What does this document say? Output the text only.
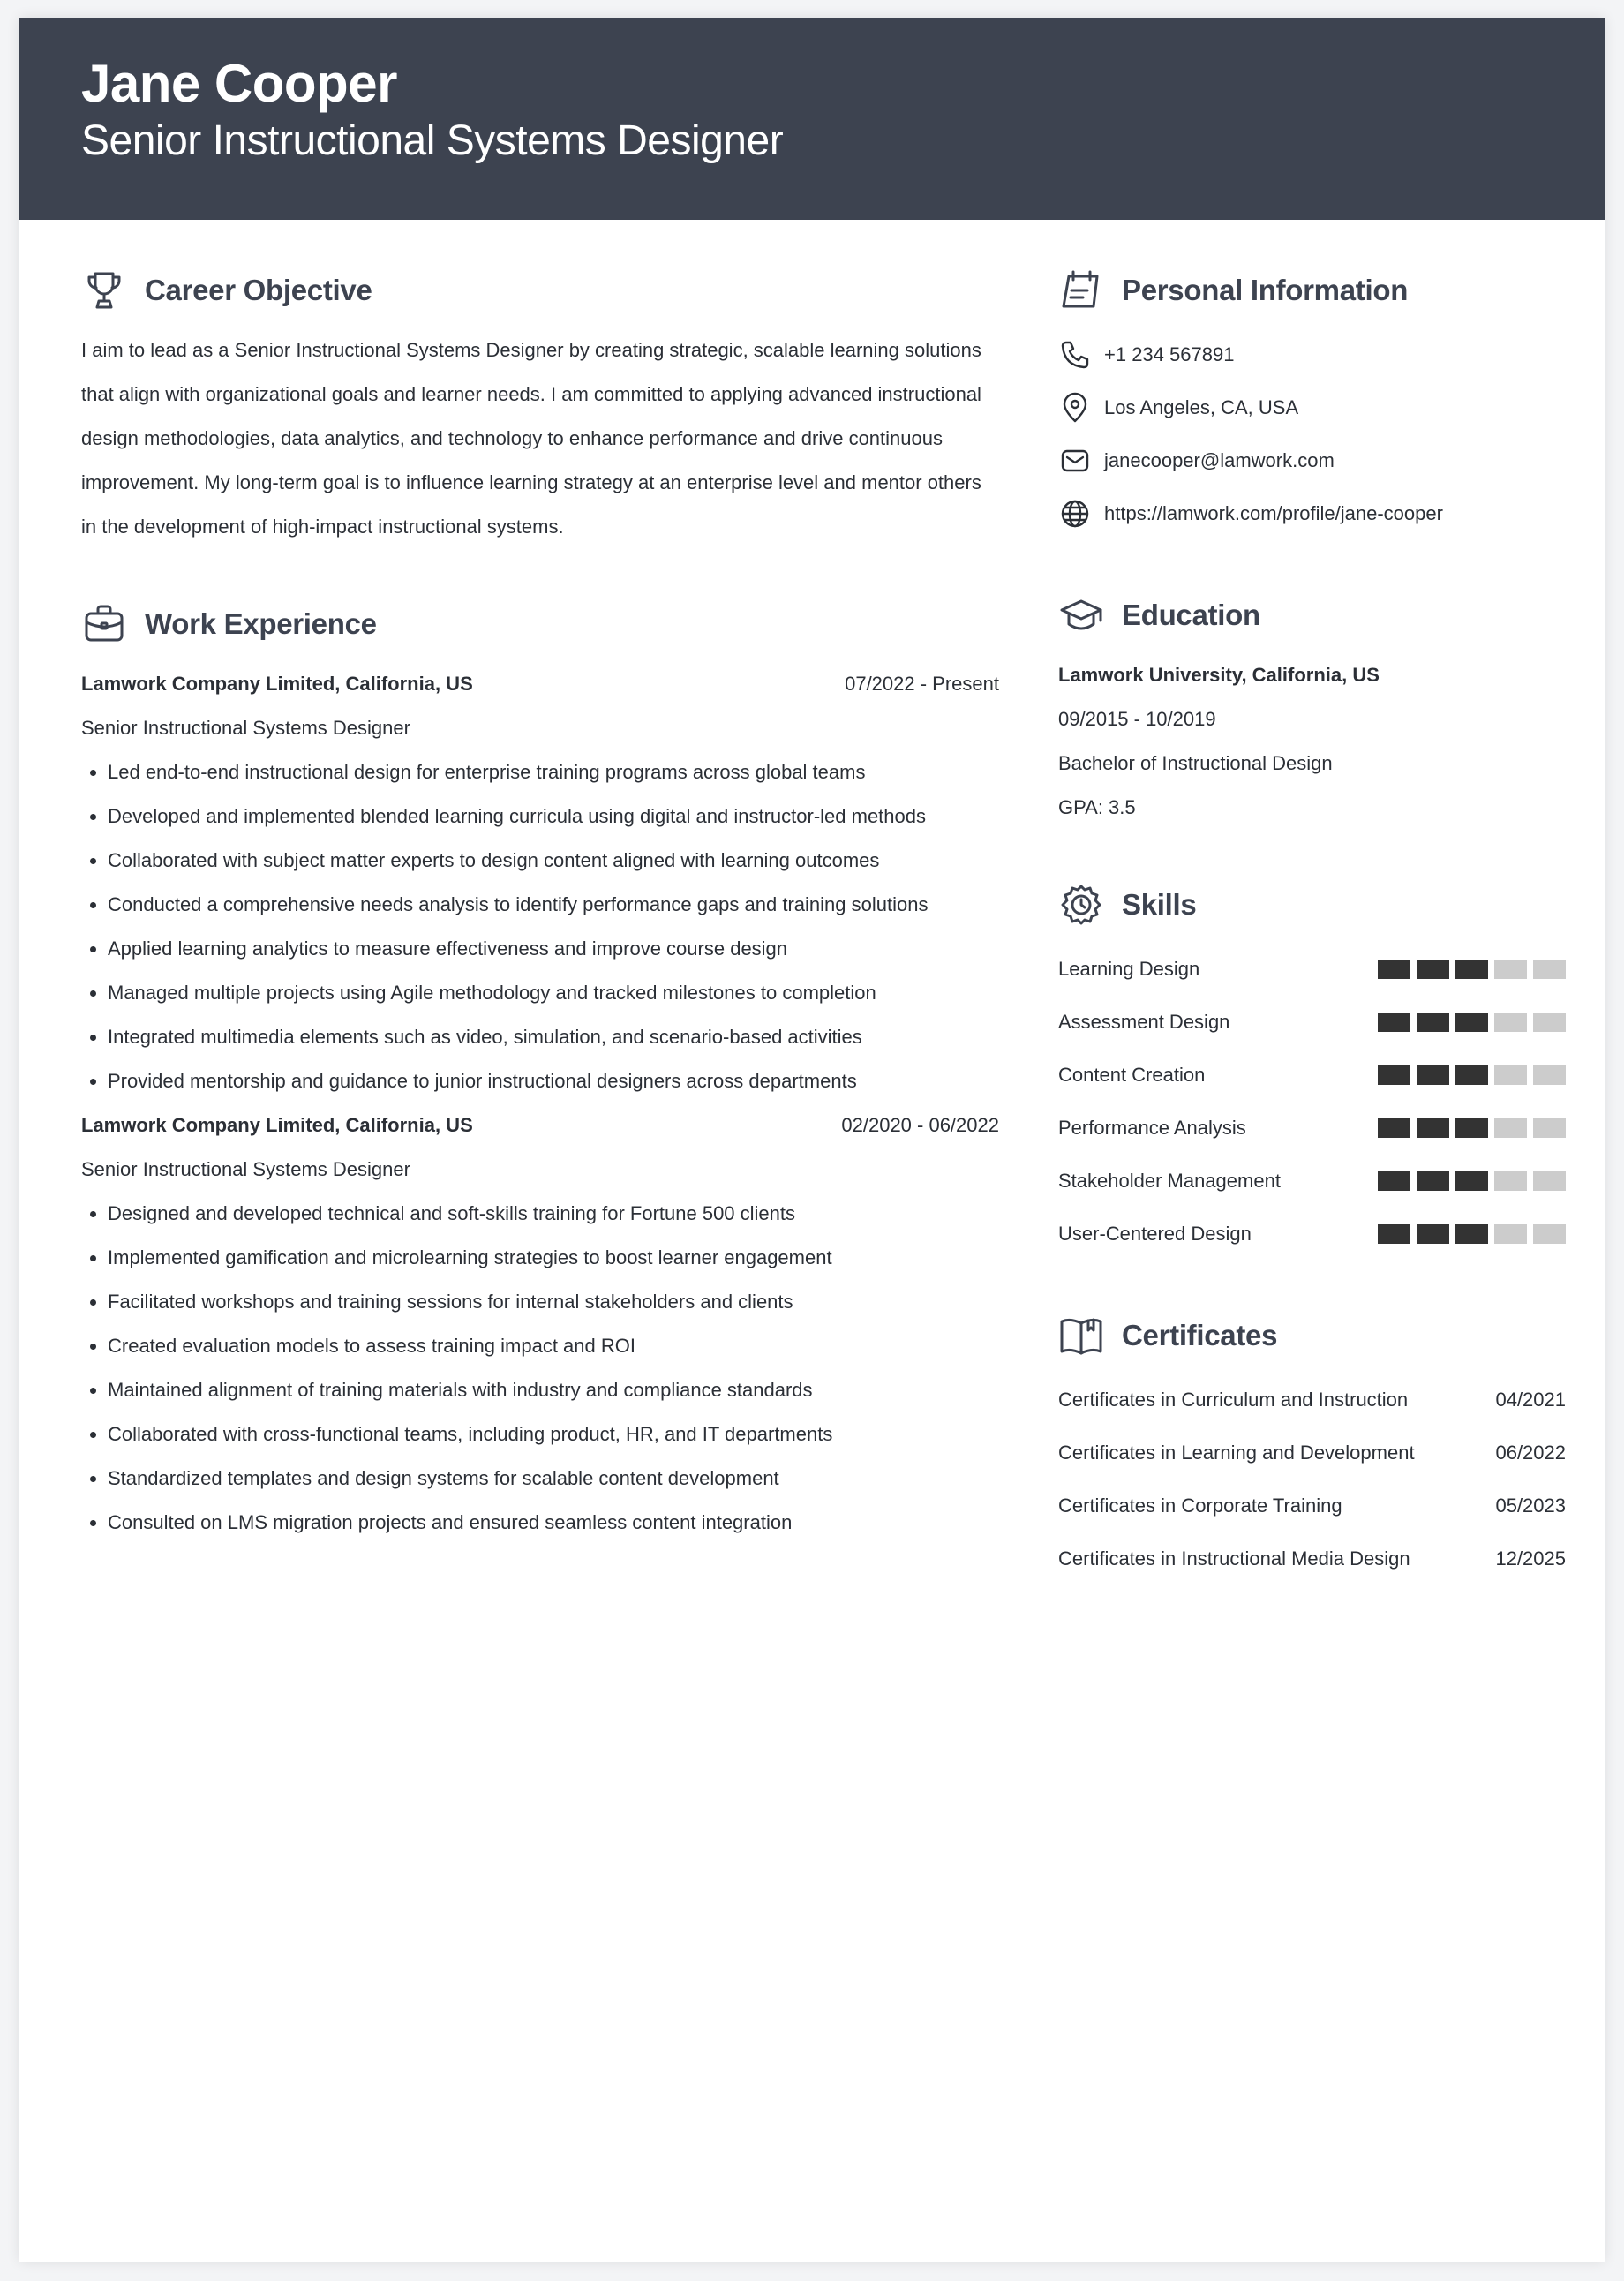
Jane Cooper
Senior Instructional Systems Designer
Career Objective
I aim to lead as a Senior Instructional Systems Designer by creating strategic, scalable learning solutions that align with organizational goals and learner needs. I am committed to applying advanced instructional design methodologies, data analytics, and technology to enhance performance and drive continuous improvement. My long-term goal is to influence learning strategy at an enterprise level and mentor others in the development of high-impact instructional systems.
Work Experience
Lamwork Company Limited, California, US	07/2022 - Present
Senior Instructional Systems Designer
Led end-to-end instructional design for enterprise training programs across global teams
Developed and implemented blended learning curricula using digital and instructor-led methods
Collaborated with subject matter experts to design content aligned with learning outcomes
Conducted a comprehensive needs analysis to identify performance gaps and training solutions
Applied learning analytics to measure effectiveness and improve course design
Managed multiple projects using Agile methodology and tracked milestones to completion
Integrated multimedia elements such as video, simulation, and scenario-based activities
Provided mentorship and guidance to junior instructional designers across departments
Lamwork Company Limited, California, US	02/2020 - 06/2022
Senior Instructional Systems Designer
Designed and developed technical and soft-skills training for Fortune 500 clients
Implemented gamification and microlearning strategies to boost learner engagement
Facilitated workshops and training sessions for internal stakeholders and clients
Created evaluation models to assess training impact and ROI
Maintained alignment of training materials with industry and compliance standards
Collaborated with cross-functional teams, including product, HR, and IT departments
Standardized templates and design systems for scalable content development
Consulted on LMS migration projects and ensured seamless content integration
Personal Information
+1 234 567891
Los Angeles, CA, USA
janecooper@lamwork.com
https://lamwork.com/profile/jane-cooper
Education
Lamwork University, California, US
09/2015 - 10/2019
Bachelor of Instructional Design
GPA: 3.5
Skills
Learning Design
Assessment Design
Content Creation
Performance Analysis
Stakeholder Management
User-Centered Design
Certificates
Certificates in Curriculum and Instruction	04/2021
Certificates in Learning and Development	06/2022
Certificates in Corporate Training	05/2023
Certificates in Instructional Media Design	12/2025
